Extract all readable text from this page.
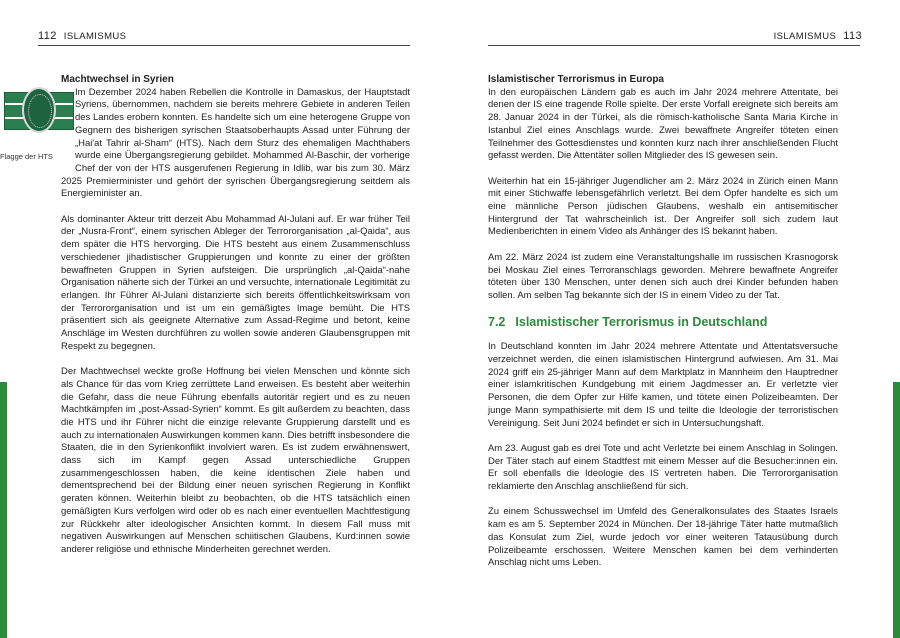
112 ISLAMISMUS
Machtwechsel in Syrien
Flagge der HTS

Im Dezember 2024 haben Rebellen die Kontrolle in Damaskus, der Hauptstadt Syriens, übernommen, nachdem sie bereits mehrere Gebiete in anderen Teilen des Landes erobern konnten. Es handelte sich um eine heterogene Gruppe von Gegnern des bisherigen syrischen Staatsoberhaupts Assad unter Führung der „Hai'at Tahrir al-Sham“ (HTS). Nach dem Sturz des ehemaligen Machthabers wurde eine Übergangsregierung gebildet. Mohammed Al-Baschir, der vorherige Chef der von der HTS ausgerufenen Regierung in Idlib, war bis zum 30. März 2025 Premierminister und gehört der syrischen Übergangsregierung seitdem als Energieminister an.

Als dominanter Akteur tritt derzeit Abu Mohammad Al-Julani auf. Er war früher Teil der „Nusra-Front“, einem syrischen Ableger der Terrororganisation „al-Qaida“, aus dem später die HTS hervorging. Die HTS besteht aus einem Zusammenschluss verschiedener jihadistischer Gruppierungen und konnte zu einer der größten bewaffneten Gruppen in Syrien aufsteigen. Die ursprünglich „al-Qaida“-nahe Organisation näherte sich der Türkei an und versuchte, internationale Legitimität zu erlangen. Ihr Führer Al-Julani distanzierte sich bereits öffentlichkeitswirksam von der Terrororganisation und ist um ein gemäßigtes Image bemüht. Die HTS präsentiert sich als geeignete Alternative zum Assad-Regime und betont, keine Anschläge im Westen durchführen zu wollen sowie anderen Glaubensgruppen mit Respekt zu begegnen.

Der Machtwechsel weckte große Hoffnung bei vielen Menschen und könnte sich als Chance für das vom Krieg zerrüttete Land erweisen. Es besteht aber weiterhin die Gefahr, dass die neue Führung ebenfalls autoritär regiert und es zu neuen Machtkämpfen im „post-Assad-Syrien“ kommt. Es gilt außerdem zu beachten, dass die HTS und ihr Führer nicht die einzige relevante Gruppierung darstellt und es auch zu internationalen Auswirkungen kommen kann. Dies betrifft insbesondere die Staaten, die in den Syrienkonflikt involviert waren. Es ist zudem erwähnenswert, dass sich im Kampf gegen Assad unterschiedliche Gruppen zusammengeschlossen haben, die keine identischen Ziele haben und dementsprechend bei der Bildung einer neuen syrischen Regierung in Konflikt geraten können. Weiterhin bleibt zu beobachten, ob die HTS tatsächlich einen gemäßigten Kurs verfolgen wird oder ob es nach einer eventuellen Machtfestigung zur Rückkehr alter ideologischer Ansichten kommt. In diesem Fall muss mit negativen Auswirkungen auf Menschen schiitischen Glaubens, Kurd:innen sowie anderer religiöse und ethnische Minderheiten gerechnet werden.

ISLAMISMUS 113
Islamistischer Terrorismus in Europa

In den europäischen Ländern gab es auch im Jahr 2024 mehrere Attentate, bei denen der IS eine tragende Rolle spielte. Der erste Vorfall ereignete sich bereits am 28. Januar 2024 in der Türkei, als die römisch-katholische Santa Maria Kirche in Istanbul Ziel eines Anschlags wurde. Zwei bewaffnete Angreifer töteten einen Teilnehmer des Gottesdienstes und konnten kurz nach ihrer anschließenden Flucht gefasst werden. Die Attentäter sollen Mitglieder des IS gewesen sein.

Weiterhin hat ein 15-jähriger Jugendlicher am 2. März 2024 in Zürich einen Mann mit einer Stichwaffe lebensgefährlich verletzt. Bei dem Opfer handelte es sich um eine männliche Person jüdischen Glaubens, weshalb ein antisemitischer Hintergrund der Tat wahrscheinlich ist. Der Angreifer soll sich zudem laut Medienberichten in einem Video als Anhänger des IS bekannt haben.

Am 22. März 2024 ist zudem eine Veranstaltungshalle im russischen Krasnogorsk bei Moskau Ziel eines Terroranschlags geworden. Mehrere bewaffnete Angreifer töteten über 130 Menschen, unter denen sich auch drei Kinder befunden haben sollen. Am selben Tag bekannte sich der IS in einem Video zu der Tat.

7.2 Islamistischer Terrorismus in Deutschland

In Deutschland konnten im Jahr 2024 mehrere Attentate und Attentatsversuche verzeichnet werden, die einen islamistischen Hintergrund aufwiesen. Am 31. Mai 2024 griff ein 25-jähriger Mann auf dem Marktplatz in Mannheim den Hauptredner einer islamkritischen Kundgebung mit einem Jagdmesser an. Er verletzte vier Personen, die dem Opfer zur Hilfe kamen, und tötete einen Polizeibeamten. Der junge Mann sympathisierte mit dem IS und teilte die Ideologie der terroristischen Vereinigung. Seit Juni 2024 befindet er sich in Untersuchungshaft.

Am 23. August gab es drei Tote und acht Verletzte bei einem Anschlag in Solingen. Der Täter stach auf einem Stadtfest mit einem Messer auf die Besucher:innen ein. Er soll ebenfalls die Ideologie des IS vertreten haben. Die Terrororganisation reklamierte den Anschlag anschließend für sich.

Zu einem Schusswechsel im Umfeld des Generalkonsulates des Staates Israels kam es am 5. September 2024 in München. Der 18-jährige Täter hatte mutmaßlich das Konsulat zum Ziel, wurde jedoch vor einer weiteren Tatausübung durch Polizeibeamte erschossen. Weitere Menschen kamen bei dem verhinderten Anschlag nicht ums Leben.
